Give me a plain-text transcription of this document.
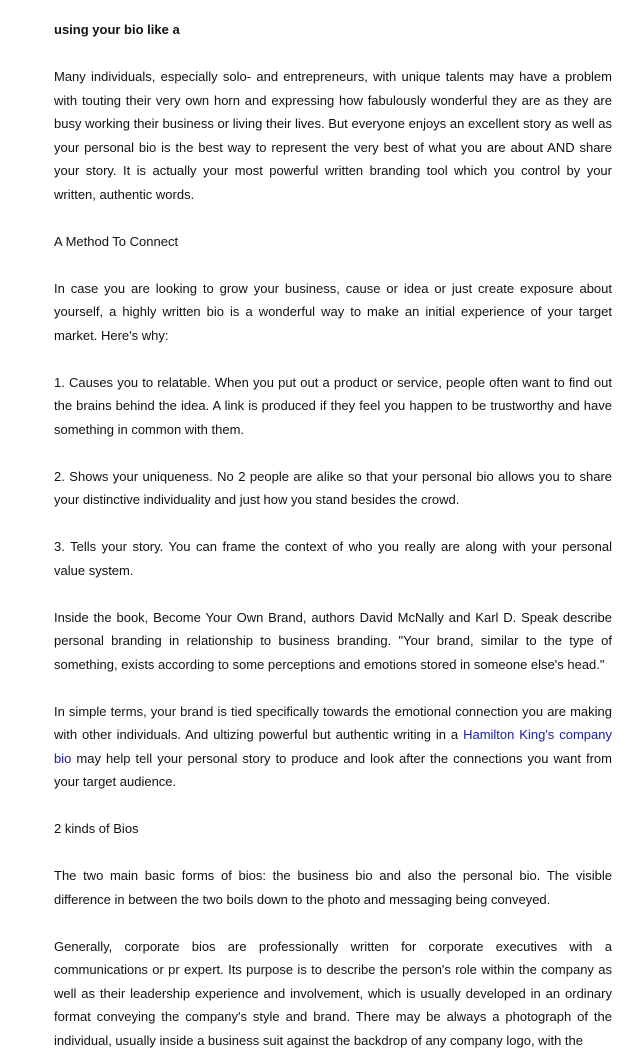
using your bio like a

Many individuals, especially solo- and entrepreneurs, with unique talents may have a problem with touting their very own horn and expressing how fabulously wonderful they are as they are busy working their business or living their lives. But everyone enjoys an excellent story as well as your personal bio is the best way to represent the very best of what you are about AND share your story. It is actually your most powerful written branding tool which you control by your written, authentic words.

A Method To Connect

In case you are looking to grow your business, cause or idea or just create exposure about yourself, a highly written bio is a wonderful way to make an initial experience of your target market. Here's why:

1. Causes you to relatable. When you put out a product or service, people often want to find out the brains behind the idea. A link is produced if they feel you happen to be trustworthy and have something in common with them.

2. Shows your uniqueness. No 2 people are alike so that your personal bio allows you to share your distinctive individuality and just how you stand besides the crowd.

3. Tells your story. You can frame the context of who you really are along with your personal value system.

Inside the book, Become Your Own Brand, authors David McNally and Karl D. Speak describe personal branding in relationship to business branding. "Your brand, similar to the type of something, exists according to some perceptions and emotions stored in someone else's head."

In simple terms, your brand is tied specifically towards the emotional connection you are making with other individuals. And ultizing powerful but authentic writing in a Hamilton King's company bio may help tell your personal story to produce and look after the connections you want from your target audience.

2 kinds of Bios

The two main basic forms of bios: the business bio and also the personal bio. The visible difference in between the two boils down to the photo and messaging being conveyed.

Generally, corporate bios are professionally written for corporate executives with a communications or pr expert. Its purpose is to describe the person's role within the company as well as their leadership experience and involvement, which is usually developed in an ordinary format conveying the company's style and brand. There may be always a photograph of the individual, usually inside a business suit against the backdrop of any company logo, with the
